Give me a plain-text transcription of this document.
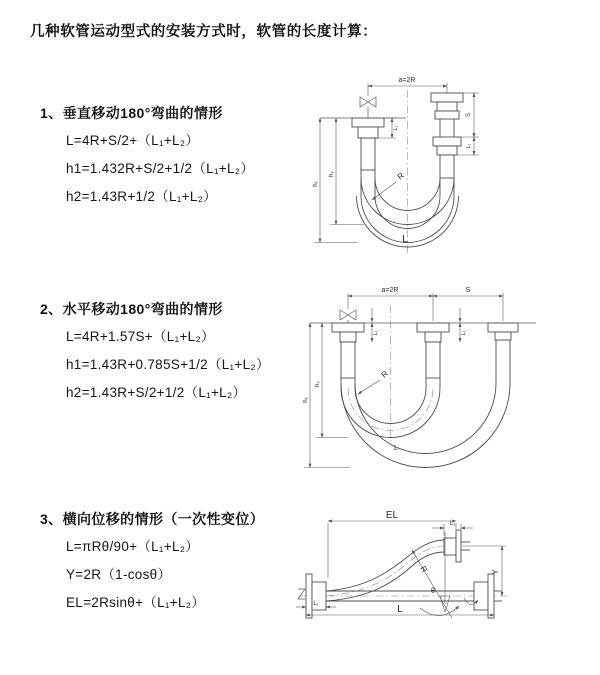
几种软管运动型式的安装方式时，软管的长度计算：
1、垂直移动180°弯曲的情形
L=4R+S/2+（L₁+L₂）
h1=1.432R+S/2+1/2（L₁+L₂）
h2=1.43R+1/2（L₁+L₂）
2、水平移动180°弯曲的情形
L=4R+1.57S+（L₁+L₂）
h1=1.43R+0.785S+1/2（L₁+L₂）
h2=1.43R+S/2+1/2（L₁+L₂）
3、横向位移的情形（一次性变位）
L=πRθ/90+（L₁+L₂）
Y=2R（1-cosθ）
EL=2Rsinθ+（L₁+L₂）
a=2R
h₂
h₁
L₁
S
L₁
R
L
a=2R	S
h₁
h₂
L₁	L₁
R
L
EL
L₁
Y
R
θ
L
L₁
